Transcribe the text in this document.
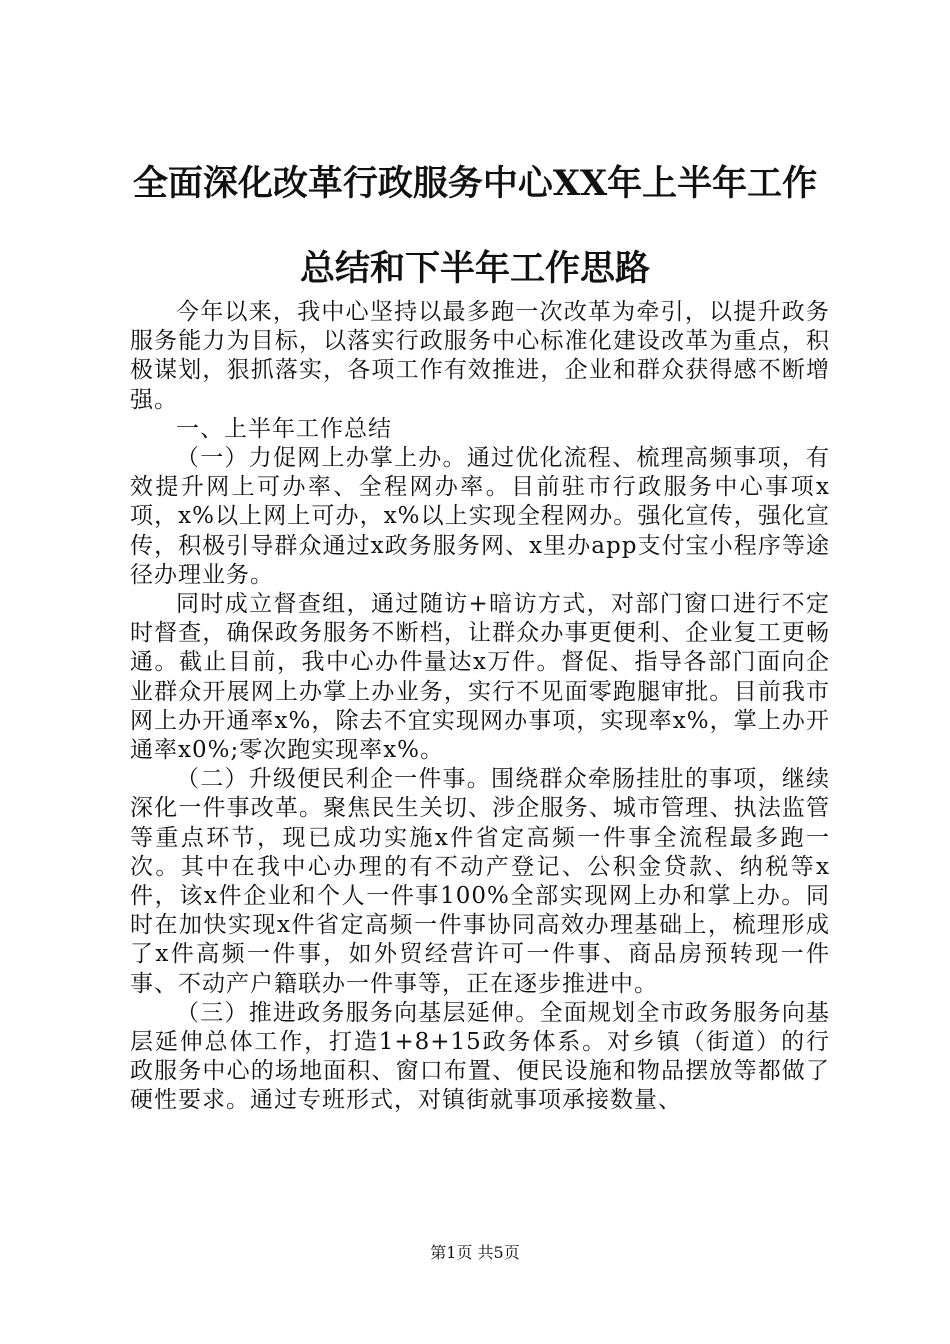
全面深化改革行政服务中心XX年上半年工作
总结和下半年工作思路

今年以来，我中心坚持以最多跑一次改革为牵引，以提升政务服务能力为目标，以落实行政服务中心标准化建设改革为重点，积极谋划，狠抓落实，各项工作有效推进，企业和群众获得感不断增强。

一、上半年工作总结

（一）力促网上办掌上办。通过优化流程、梳理高频事项，有效提升网上可办率、全程网办率。目前驻市行政服务中心事项x项，x%以上网上可办，x%以上实现全程网办。强化宣传，强化宣传，积极引导群众通过x政务服务网、x里办app支付宝小程序等途径办理业务。

同时成立督查组，通过随访+暗访方式，对部门窗口进行不定时督查，确保政务服务不断档，让群众办事更便利、企业复工更畅通。截止目前，我中心办件量达x万件。督促、指导各部门面向企业群众开展网上办掌上办业务，实行不见面零跑腿审批。目前我市网上办开通率x%，除去不宜实现网办事项，实现率x%，掌上办开通率x0%;零次跑实现率x%。

（二）升级便民利企一件事。围绕群众牵肠挂肚的事项，继续深化一件事改革。聚焦民生关切、涉企服务、城市管理、执法监管等重点环节，现已成功实施x件省定高频一件事全流程最多跑一次。其中在我中心办理的有不动产登记、公积金贷款、纳税等x件，该x件企业和个人一件事100%全部实现网上办和掌上办。同时在加快实现x件省定高频一件事协同高效办理基础上，梳理形成了x件高频一件事，如外贸经营许可一件事、商品房预转现一件事、不动产户籍联办一件事等，正在逐步推进中。

（三）推进政务服务向基层延伸。全面规划全市政务服务向基层延伸总体工作，打造1+8+15政务体系。对乡镇（街道）的行政服务中心的场地面积、窗口布置、便民设施和物品摆放等都做了硬性要求。通过专班形式，对镇街就事项承接数量、

第1页 共5页
